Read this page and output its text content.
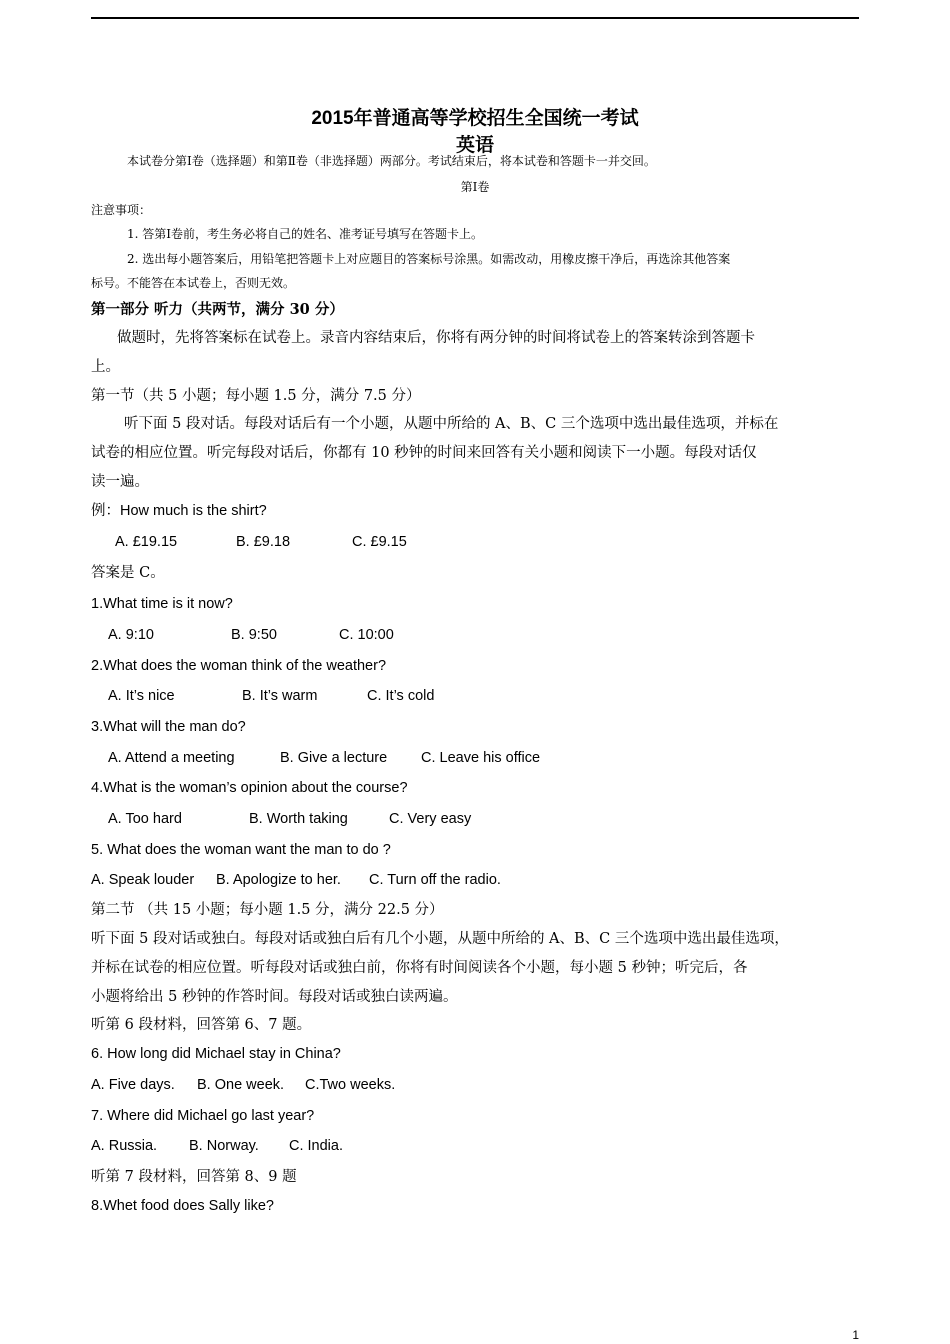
2015年普通高等学校招生全国统一考试
英语
本试卷分第Ⅰ卷（选择题）和第Ⅱ卷（非选择题）两部分。考试结束后，将本试卷和答题卡一并交回。
第Ⅰ卷
注意事项：
1. 答第Ⅰ卷前，考生务必将自己的姓名、准考证号填写在答题卡上。
2. 选出每小题答案后，用铅笔把答题卡上对应题目的答案标号涂黑。如需改动，用橡皮擦干净后，再选涂其他答案
标号。不能答在本试卷上，否则无效。
第一部分 听力（共两节，满分 30 分）
做题时，先将答案标在试卷上。录音内容结束后，你将有两分钟的时间将试卷上的答案转涂到答题卡
上。
第一节（共 5 小题；每小题 1.5 分，满分 7.5 分）
听下面 5 段对话。每段对话后有一个小题，从题中所给的 A、B、C 三个选项中选出最佳选项，并标在
试卷的相应位置。听完每段对话后，你都有 10 秒钟的时间来回答有关小题和阅读下一小题。每段对话仅
读一遍。
例：How much is the shirt?
A. £19.15	B. £9.18	C. £9.15
答案是 C。
1.What time is it now?
A. 9:10	B. 9:50	C. 10:00
2.What does the woman think of the weather?
A. It’s nice	B. It’s warm	C. It’s cold
3.What will the man do?
A. Attend a meeting	B. Give a lecture C. Leave his office
4.What is the woman’s opinion about the course?
A. Too hard	B. Worth taking	C. Very easy
5. What does the woman want the man to do ?
A. Speak louder B. Apologize to her. C. Turn off the radio.
第二节 （共 15 小题；每小题 1.5 分，满分 22.5 分）
听下面 5 段对话或独白。每段对话或独白后有几个小题，从题中所给的 A、B、C 三个选项中选出最佳选项，
并标在试卷的相应位置。听每段对话或独白前，你将有时间阅读各个小题，每小题 5 秒钟；听完后，各
小题将给出 5 秒钟的作答时间。每段对话或独白读两遍。
听第 6 段材料，回答第 6、7 题。
6. How long did Michael stay in China?
A. Five days. B. One week. C.Two weeks.
7. Where did Michael go last year?
A. Russia. B. Norway. C. India.
听第 7 段材料，回答第 8、9 题
8.Whet food does Sally like?
1
